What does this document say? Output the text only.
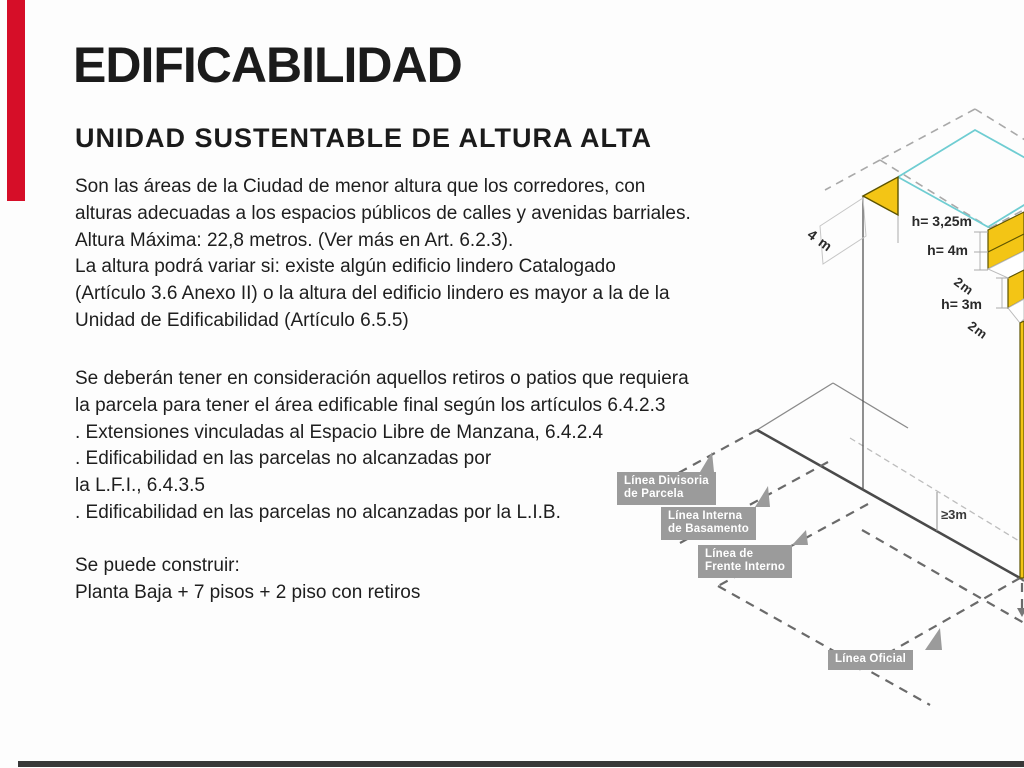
EDIFICABILIDAD
UNIDAD SUSTENTABLE DE ALTURA ALTA
Son las áreas de la Ciudad de menor altura que los corredores, con
alturas adecuadas a los espacios públicos de calles y avenidas barriales.
Altura Máxima: 22,8 metros. (Ver más en Art. 6.2.3).
La altura podrá variar si: existe algún edificio lindero Catalogado
(Artículo 3.6 Anexo II) o la altura del edificio lindero es mayor a la de la
Unidad de Edificabilidad (Artículo 6.5.5)
Se deberán tener en consideración aquellos retiros o patios que requiera
la parcela para tener el área edificable final según los artículos 6.4.2.3
. Extensiones vinculadas al Espacio Libre de Manzana, 6.4.2.4
. Edificabilidad en las parcelas no alcanzadas por
la L.F.I., 6.4.3.5
. Edificabilidad en las parcelas no alcanzadas por la L.I.B.
Se puede construir:
Planta Baja + 7 pisos + 2 piso con retiros
4 m
h= 3,25m
h= 4m
2m
h= 3m
2m
≥3m
Línea Divisoria
de Parcela
Línea Interna
de Basamento
Línea de
Frente Interno
Línea Oficial
